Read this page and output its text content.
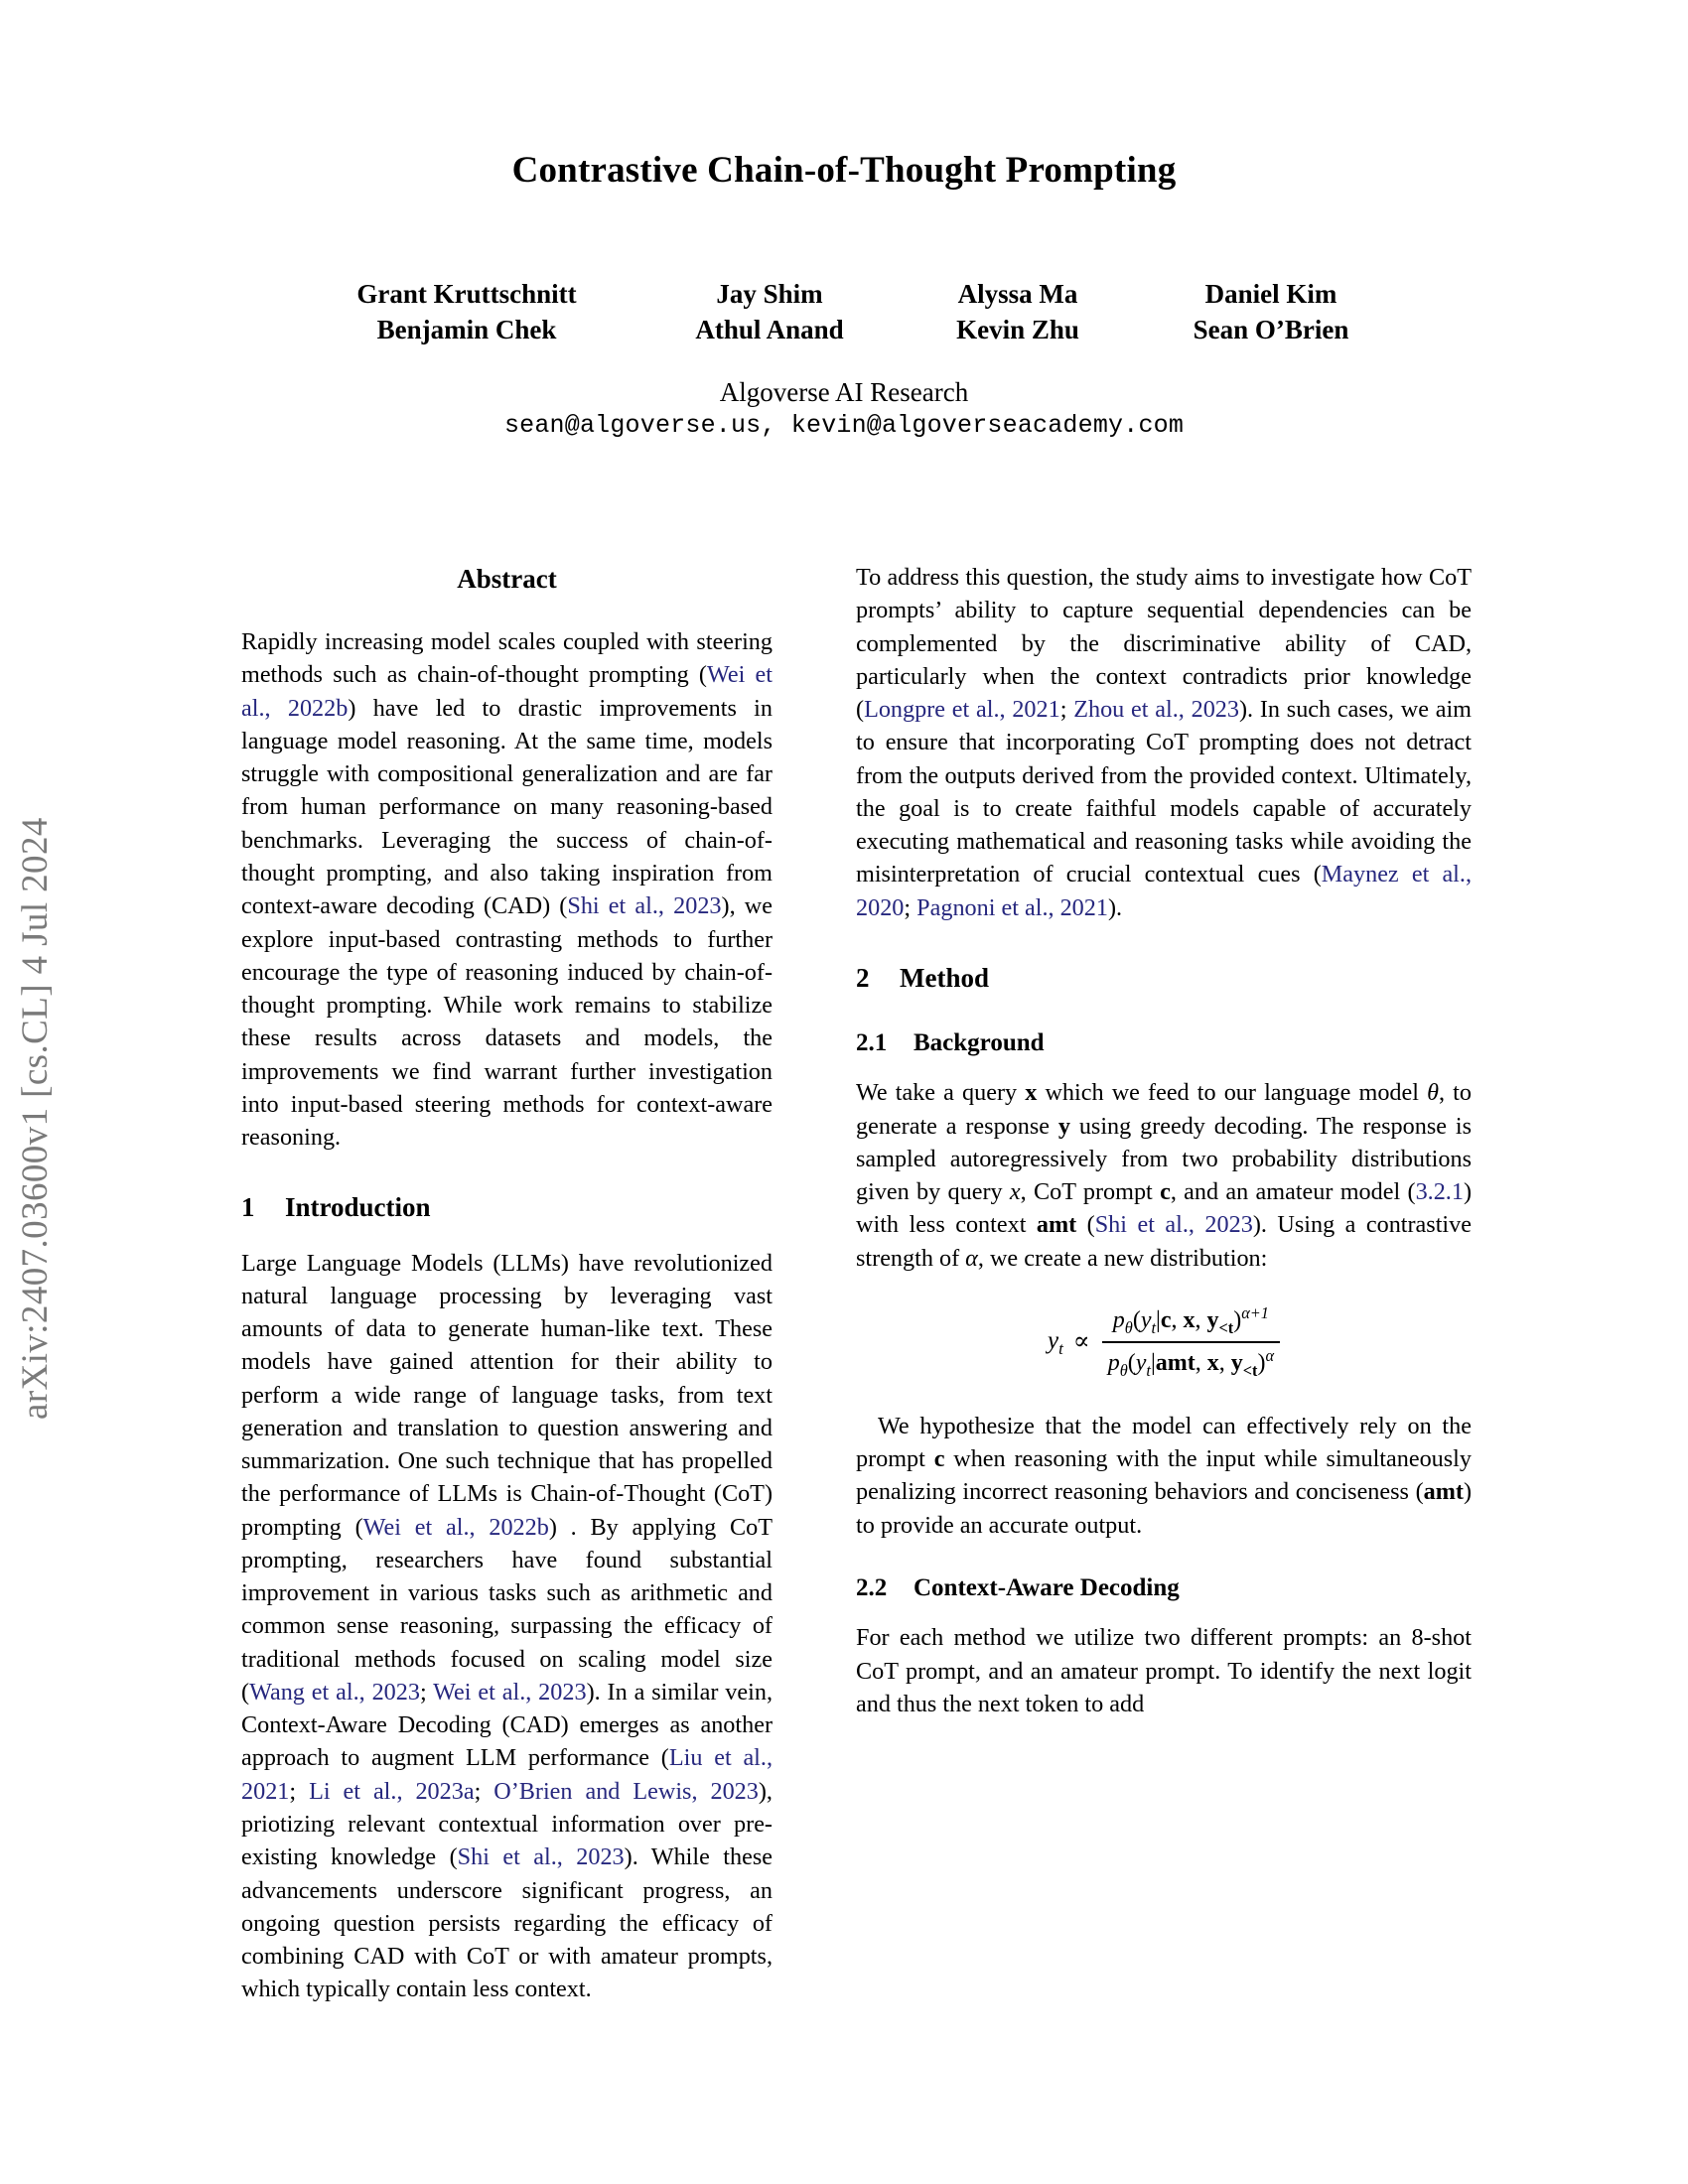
arXiv:2407.03600v1 [cs.CL] 4 Jul 2024
Contrastive Chain-of-Thought Prompting
Grant Kruttschnitt	Jay Shim	Alyssa Ma	Daniel Kim
Benjamin Chek	Athul Anand	Kevin Zhu	Sean O’Brien
Algoverse AI Research
sean@algoverse.us, kevin@algoverseacademy.com
Abstract

Rapidly increasing model scales coupled with steering methods such as chain-of-thought prompting (Wei et al., 2022b) have led to drastic improvements in language model reasoning. At the same time, models struggle with compositional generalization and are far from human performance on many reasoning-based benchmarks. Leveraging the success of chain-of-thought prompting, and also taking inspiration from context-aware decoding (CAD) (Shi et al., 2023), we explore input-based contrasting methods to further encourage the type of reasoning induced by chain-of-thought prompting. While work remains to stabilize these results across datasets and models, the improvements we find warrant further investigation into input-based steering methods for context-aware reasoning.

1 Introduction

Large Language Models (LLMs) have revolutionized natural language processing by leveraging vast amounts of data to generate human-like text. These models have gained attention for their ability to perform a wide range of language tasks, from text generation and translation to question answering and summarization. One such technique that has propelled the performance of LLMs is Chain-of-Thought (CoT) prompting (Wei et al., 2022b) . By applying CoT prompting, researchers have found substantial improvement in various tasks such as arithmetic and common sense reasoning, surpassing the efficacy of traditional methods focused on scaling model size (Wang et al., 2023; Wei et al., 2023). In a similar vein, Context-Aware Decoding (CAD) emerges as another approach to augment LLM performance (Liu et al., 2021; Li et al., 2023a; O’Brien and Lewis, 2023), priotizing relevant contextual information over pre-existing knowledge (Shi et al., 2023). While these advancements underscore significant progress, an ongoing question persists regarding the efficacy of combining CAD with CoT or with amateur prompts, which typically contain less context.

To address this question, the study aims to investigate how CoT prompts’ ability to capture sequential dependencies can be complemented by the discriminative ability of CAD, particularly when the context contradicts prior knowledge (Longpre et al., 2021; Zhou et al., 2023). In such cases, we aim to ensure that incorporating CoT prompting does not detract from the outputs derived from the provided context. Ultimately, the goal is to create faithful models capable of accurately executing mathematical and reasoning tasks while avoiding the misinterpretation of crucial contextual cues (Maynez et al., 2020; Pagnoni et al., 2021).

2 Method
2.1 Background

We take a query x which we feed to our language model θ, to generate a response y using greedy decoding. The response is sampled autoregressively from two probability distributions given by query x, CoT prompt c, and an amateur model (3.2.1) with less context amt (Shi et al., 2023). Using a contrastive strength of α, we create a new distribution:

$y_t \propto \frac{p_\theta(y_t|c, x, y_{<t})^{\alpha+1}}{p_\theta(y_t|amt, x, y_{<t})^\alpha}$

We hypothesize that the model can effectively rely on the prompt c when reasoning with the input while simultaneously penalizing incorrect reasoning behaviors and conciseness (amt) to provide an accurate output.

2.2 Context-Aware Decoding

For each method we utilize two different prompts: an 8-shot CoT prompt, and an amateur prompt. To identify the next logit and thus the next token to add
